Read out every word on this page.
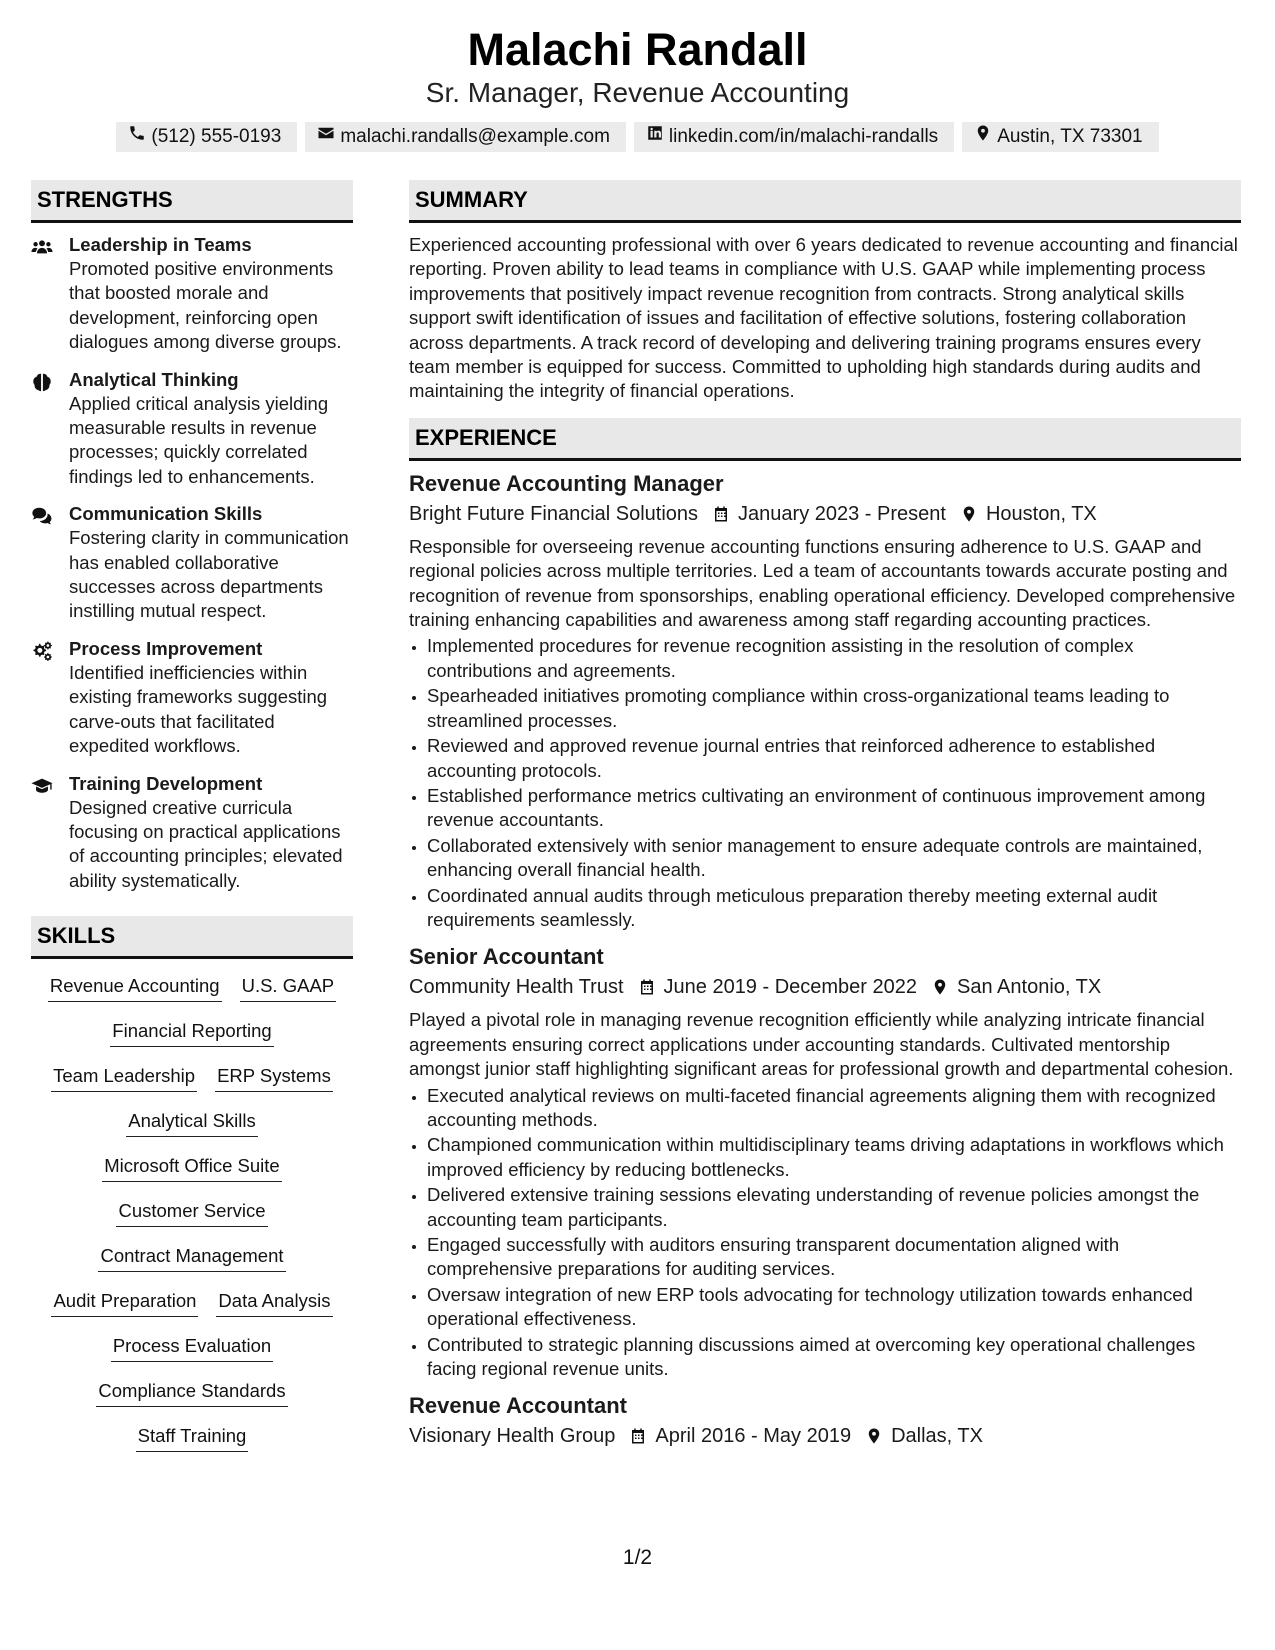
Malachi Randall
Sr. Manager, Revenue Accounting
(512) 555-0193	malachi.randalls@example.com	linkedin.com/in/malachi-randalls	Austin, TX 73301
STRENGTHS
Leadership in Teams
Promoted positive environments that boosted morale and development, reinforcing open dialogues among diverse groups.
Analytical Thinking
Applied critical analysis yielding measurable results in revenue processes; quickly correlated findings led to enhancements.
Communication Skills
Fostering clarity in communication has enabled collaborative successes across departments instilling mutual respect.
Process Improvement
Identified inefficiencies within existing frameworks suggesting carve-outs that facilitated expedited workflows.
Training Development
Designed creative curricula focusing on practical applications of accounting principles; elevated ability systematically.
SKILLS
Revenue Accounting U.S. GAAP
Financial Reporting
Team Leadership ERP Systems
Analytical Skills
Microsoft Office Suite
Customer Service
Contract Management
Audit Preparation Data Analysis
Process Evaluation
Compliance Standards
Staff Training
SUMMARY
Experienced accounting professional with over 6 years dedicated to revenue accounting and financial reporting. Proven ability to lead teams in compliance with U.S. GAAP while implementing process improvements that positively impact revenue recognition from contracts. Strong analytical skills support swift identification of issues and facilitation of effective solutions, fostering collaboration across departments. A track record of developing and delivering training programs ensures every team member is equipped for success. Committed to upholding high standards during audits and maintaining the integrity of financial operations.
EXPERIENCE
Revenue Accounting Manager
Bright Future Financial Solutions January 2023 - Present Houston, TX
Responsible for overseeing revenue accounting functions ensuring adherence to U.S. GAAP and regional policies across multiple territories. Led a team of accountants towards accurate posting and recognition of revenue from sponsorships, enabling operational efficiency. Developed comprehensive training enhancing capabilities and awareness among staff regarding accounting practices.
• Implemented procedures for revenue recognition assisting in the resolution of complex contributions and agreements.
• Spearheaded initiatives promoting compliance within cross-organizational teams leading to streamlined processes.
• Reviewed and approved revenue journal entries that reinforced adherence to established accounting protocols.
• Established performance metrics cultivating an environment of continuous improvement among revenue accountants.
• Collaborated extensively with senior management to ensure adequate controls are maintained, enhancing overall financial health.
• Coordinated annual audits through meticulous preparation thereby meeting external audit requirements seamlessly.
Senior Accountant
Community Health Trust June 2019 - December 2022 San Antonio, TX
Played a pivotal role in managing revenue recognition efficiently while analyzing intricate financial agreements ensuring correct applications under accounting standards. Cultivated mentorship amongst junior staff highlighting significant areas for professional growth and departmental cohesion.
• Executed analytical reviews on multi-faceted financial agreements aligning them with recognized accounting methods.
• Championed communication within multidisciplinary teams driving adaptations in workflows which improved efficiency by reducing bottlenecks.
• Delivered extensive training sessions elevating understanding of revenue policies amongst the accounting team participants.
• Engaged successfully with auditors ensuring transparent documentation aligned with comprehensive preparations for auditing services.
• Oversaw integration of new ERP tools advocating for technology utilization towards enhanced operational effectiveness.
• Contributed to strategic planning discussions aimed at overcoming key operational challenges facing regional revenue units.
Revenue Accountant
Visionary Health Group April 2016 - May 2019 Dallas, TX
1/2
